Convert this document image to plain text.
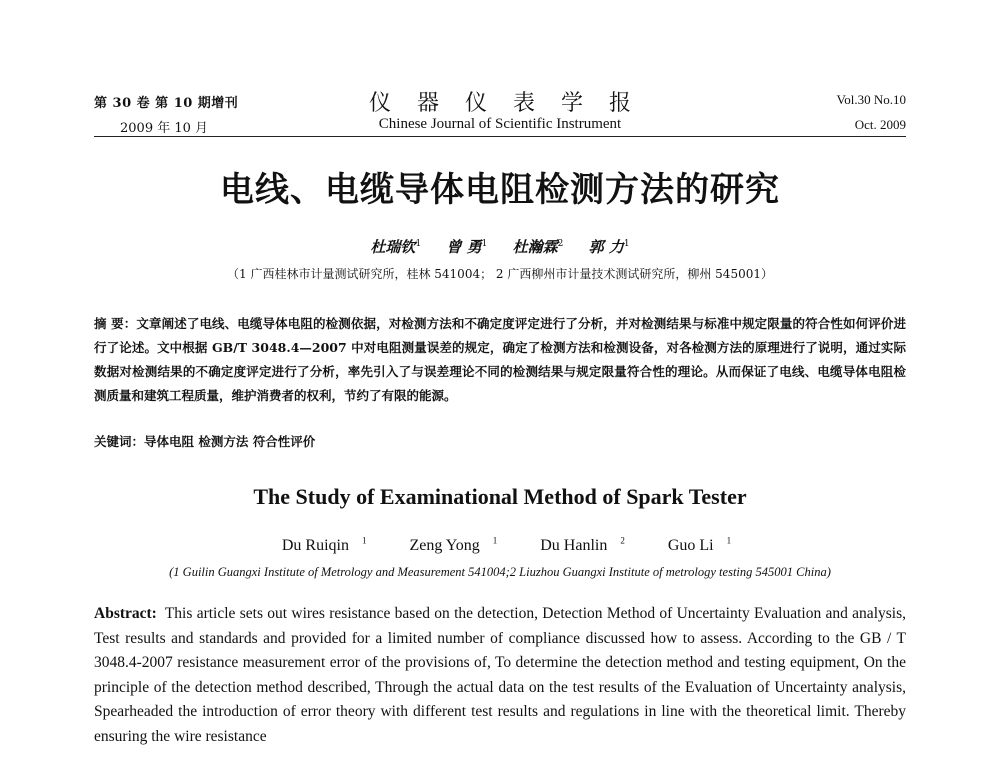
第 30 卷 第 10 期增刊
2009 年 10 月
仪器仪表学报
Chinese Journal of Scientific Instrument
Vol.30 No.10
Oct. 2009
电线、电缆导体电阻检测方法的研究
杜瑞钦$^1$ 曾 勇$^1$ 杜瀚霖$^2$ 郭 力$^1$
（1 广西桂林市计量测试研究所，桂林 541004； 2 广西柳州市计量技术测试研究所，柳州 545001）
摘 要：文章阐述了电线、电缆导体电阻的检测依据，对检测方法和不确定度评定进行了分析，并对检测结果与标准中规定限量的符合性如何评价进行了论述。文中根据 GB/T 3048.4—2007 中对电阻测量误差的规定，确定了检测方法和检测设备，对各检测方法的原理进行了说明，通过实际数据对检测结果的不确定度评定进行了分析，率先引入了与误差理论不同的检测结果与规定限量符合性的理论。从而保证了电线、电缆导体电阻检测质量和建筑工程质量，维护消费者的权利，节约了有限的能源。
关键词：导体电阻 检测方法 符合性评价
The Study of Examinational Method of Spark Tester
Du Ruiqin $^1$	Zeng Yong $^1$	Du Hanlin $^2$	Guo Li $^1$
(1 Guilin Guangxi Institute of Metrology and Measurement 541004;2 Liuzhou Guangxi Institute of metrology testing 545001 China)
Abstract: This article sets out wires resistance based on the detection, Detection Method of Uncertainty Evaluation and analysis, Test results and standards and provided for a limited number of compliance discussed how to assess. According to the GB / T 3048.4-2007 resistance measurement error of the provisions of, To determine the detection method and testing equipment, On the principle of the detection method described, Through the actual data on the test results of the Evaluation of Uncertainty analysis, Spearheaded the introduction of error theory with different test results and regulations in line with the theoretical limit. Thereby ensuring the wire resistance
